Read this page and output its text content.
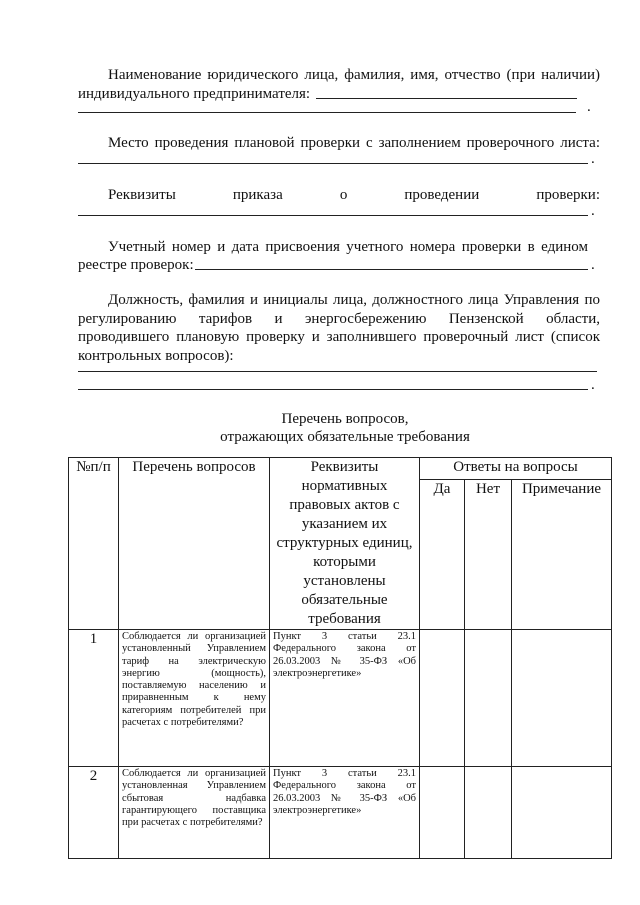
Наименование юридического лица, фамилия, имя, отчество (при наличии)
индивидуального предпринимателя:
.
Место проведения плановой проверки с заполнением проверочного листа:
.
Реквизиты	приказа	о	проведении	проверки:
.
Учетный номер и дата присвоения учетного номера проверки в едином
реестре проверок:	.
Должность, фамилия и инициалы лица, должностного лица Управления по
регулированию тарифов и энергосбережению Пензенской области,
проводившего плановую проверку и заполнившего проверочный лист (список
контрольных вопросов):
.
Перечень вопросов,
отражающих обязательные требования
№п/п	Перечень вопросов	Реквизиты нормативных правовых актов с указанием их структурных единиц, которыми установлены обязательные требования	Ответы на вопросы		
			Да	Нет	Примечание
1	Соблюдается ли организацией установленный Управлением тариф на электрическую энергию (мощность), поставляемую населению и приравненным к нему категориям потребителей при расчетах с потребителями?	Пункт 3 статьи 23.1 Федерального закона от 26.03.2003 № 35-ФЗ «Об электроэнергетике»			
2	Соблюдается ли организацией установленная Управлением сбытовая надбавка гарантирующего поставщика при расчетах с потребителями?	Пункт 3 статьи 23.1 Федерального закона от 26.03.2003 № 35-ФЗ «Об электроэнергетике»			
